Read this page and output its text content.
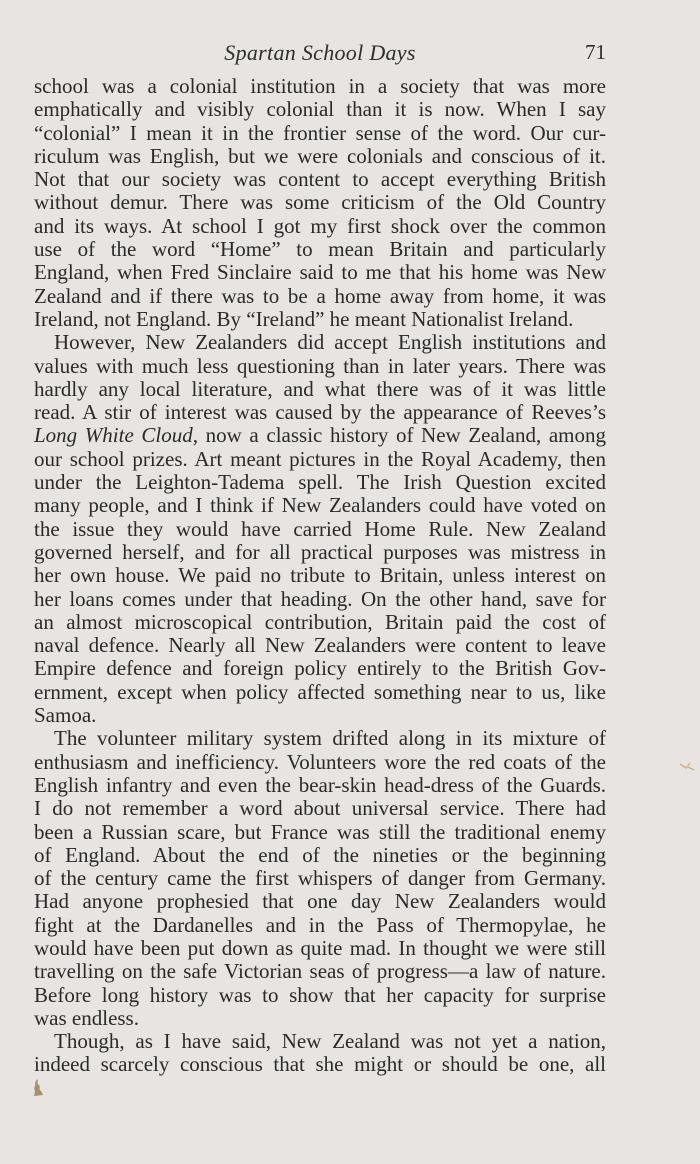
Spartan School Days	71
school was a colonial institution in a society that was more
emphatically and visibly colonial than it is now. When I say
“colonial” I mean it in the frontier sense of the word. Our cur-
riculum was English, but we were colonials and conscious of it.
Not that our society was content to accept everything British
without demur. There was some criticism of the Old Country
and its ways. At school I got my first shock over the common
use of the word “Home” to mean Britain and particularly
England, when Fred Sinclaire said to me that his home was New
Zealand and if there was to be a home away from home, it was
Ireland, not England. By “Ireland” he meant Nationalist Ireland.
However, New Zealanders did accept English institutions and
values with much less questioning than in later years. There was
hardly any local literature, and what there was of it was little
read. A stir of interest was caused by the appearance of Reeves’s
Long White Cloud, now a classic history of New Zealand, among
our school prizes. Art meant pictures in the Royal Academy, then
under the Leighton-Tadema spell. The Irish Question excited
many people, and I think if New Zealanders could have voted on
the issue they would have carried Home Rule. New Zealand
governed herself, and for all practical purposes was mistress in
her own house. We paid no tribute to Britain, unless interest on
her loans comes under that heading. On the other hand, save for
an almost microscopical contribution, Britain paid the cost of
naval defence. Nearly all New Zealanders were content to leave
Empire defence and foreign policy entirely to the British Gov-
ernment, except when policy affected something near to us, like
Samoa.
The volunteer military system drifted along in its mixture of
enthusiasm and inefficiency. Volunteers wore the red coats of the
English infantry and even the bear-skin head-dress of the Guards.
I do not remember a word about universal service. There had
been a Russian scare, but France was still the traditional enemy
of England. About the end of the nineties or the beginning
of the century came the first whispers of danger from Germany.
Had anyone prophesied that one day New Zealanders would
fight at the Dardanelles and in the Pass of Thermopylae, he
would have been put down as quite mad. In thought we were still
travelling on the safe Victorian seas of progress—a law of nature.
Before long history was to show that her capacity for surprise
was endless.
Though, as I have said, New Zealand was not yet a nation,
indeed scarcely conscious that she might or should be one, all
